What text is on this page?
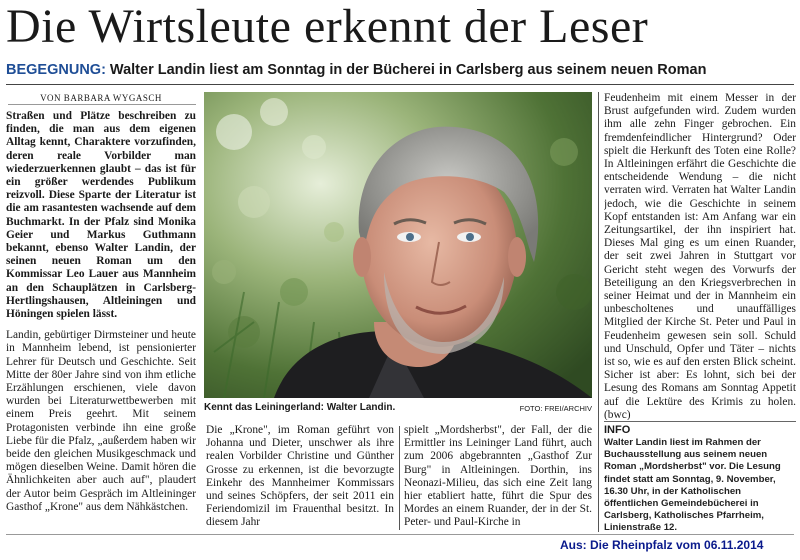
Die Wirtsleute erkennt der Leser
BEGEGNUNG: Walter Landin liest am Sonntag in der Bücherei in Carlsberg aus seinem neuen Roman
VON BARBARA WYGASCH

Straßen und Plätze beschreiben zu finden, die man aus dem eigenen Alltag kennt, Charaktere vorzufinden, deren reale Vorbilder man wiederzuerkennen glaubt – das ist für ein größer werdendes Publikum reizvoll. Diese Sparte der Literatur ist die am rasantesten wachsende auf dem Buchmarkt. In der Pfalz sind Monika Geier und Markus Guthmann bekannt, ebenso Walter Landin, der seinen neuen Roman um den Kommissar Leo Lauer aus Mannheim an den Schauplätzen in Carlsberg-Hertlingshausen, Altleiningen und Höningen spielen lässt.

Landin, gebürtiger Dirmsteiner und heute in Mannheim lebend, ist pensionierter Lehrer für Deutsch und Geschichte. Seit Mitte der 80er Jahre sind von ihm etliche Erzählungen erschienen, viele davon wurden bei Literaturwettbewerben mit einem Preis geehrt. Mit seinem Protagonisten verbinde ihn eine große Liebe für die Pfalz, „außerdem haben wir beide den gleichen Musikgeschmack und mögen dieselben Weine. Damit hören die Ähnlichkeiten aber auch auf", plaudert der Autor beim Gespräch im Altleininger Gasthof „Krone" aus dem Nähkästchen.

Kennt das Leiningerland: Walter Landin.	FOTO: FREI/ARCHIV
Die „Krone", im Roman geführt von Johanna und Dieter, unschwer als ihre realen Vorbilder Christine und Günther Grosse zu erkennen, ist die bevorzugte Einkehr des Mannheimer Kommissars und seines Schöpfers, der seit 2011 ein Feriendomizil im Frauenthal besitzt. In diesem Jahr
spielt „Mordsherbst", der Fall, der die Ermittler ins Leininger Land führt, auch zum 2006 abgebrannten „Gasthof Zur Burg" in Altleiningen. Dorthin, ins Neonazi-Milieu, das sich eine Zeit lang hier etabliert hatte, führt die Spur des Mordes an einem Ruander, der in der St. Peter- und Paul-Kirche in
Feudenheim mit einem Messer in der Brust aufgefunden wird. Zudem wurden ihm alle zehn Finger gebrochen. Ein fremdenfeindlicher Hintergrund? Oder spielt die Herkunft des Toten eine Rolle? In Altleiningen erfährt die Geschichte die entscheidende Wendung – die nicht verraten wird. Verraten hat Walter Landin jedoch, wie die Geschichte in seinem Kopf entstanden ist: Am Anfang war ein Zeitungsartikel, der ihn inspiriert hat. Dieses Mal ging es um einen Ruander, der seit zwei Jahren in Stuttgart vor Gericht steht wegen des Vorwurfs der Beteiligung an den Kriegsverbrechen in seiner Heimat und der in Mannheim ein unbescholtenes und unauffälliges Mitglied der Kirche St. Peter und Paul in Feudenheim gewesen sein soll. Schuld und Unschuld, Opfer und Täter – nichts ist so, wie es auf den ersten Blick scheint. Sicher ist aber: Es lohnt, sich bei der Lesung des Romans am Sonntag Appetit auf die Lektüre des Krimis zu holen. (bwc)
INFO
Walter Landin liest im Rahmen der Buchausstellung aus seinem neuen Roman „Mordsherbst" vor. Die Lesung findet statt am Sonntag, 9. November, 16.30 Uhr, in der Katholischen öffentlichen Gemeindebücherei in Carlsberg, Katholisches Pfarrheim, Linienstraße 12.
Aus: Die Rheinpfalz vom 06.11.2014
